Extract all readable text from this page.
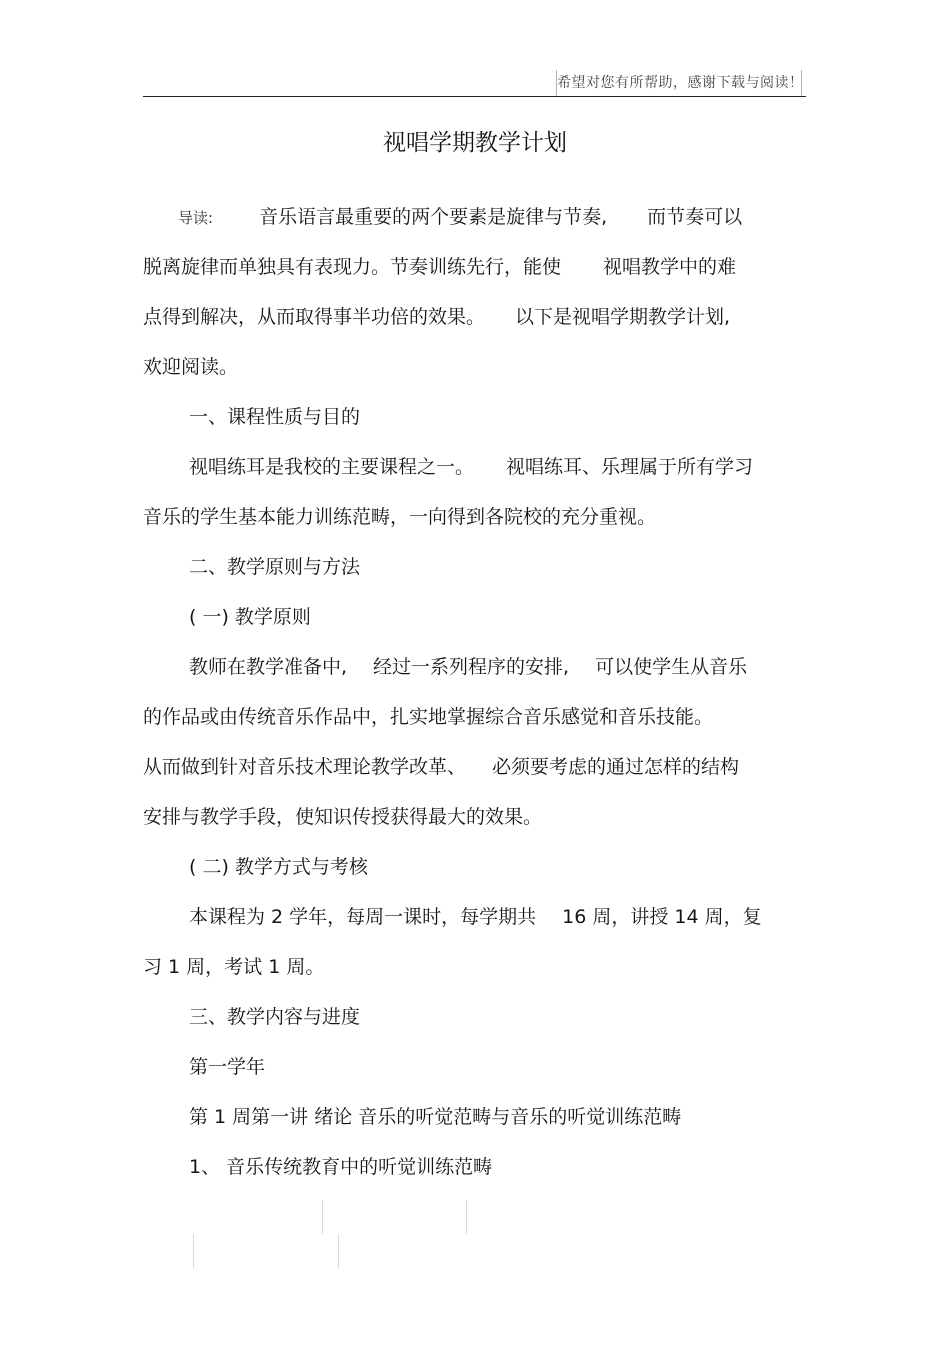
希望对您有所帮助，感谢下载与阅读！
视唱学期教学计划
导读: 音乐语言最重要的两个要素是旋律与节奏, 而节奏可以
脱离旋律而单独具有表现力。节奏训练先行，能使 视唱教学中的难
点得到解决，从而取得事半功倍的效果。 以下是视唱学期教学计划,
欢迎阅读。
一、课程性质与目的
视唱练耳是我校的主要课程之一。 视唱练耳、乐理属于所有学习
音乐的学生基本能力训练范畴，一向得到各院校的充分重视。
二、教学原则与方法
( 一) 教学原则
教师在教学准备中, 经过一系列程序的安排, 可以使学生从音乐
的作品或由传统音乐作品中，扎实地掌握综合音乐感觉和音乐技能。
从而做到针对音乐技术理论教学改革、 必须要考虑的通过怎样的结构
安排与教学手段，使知识传授获得最大的效果。
( 二) 教学方式与考核
本课程为 2 学年，每周一课时，每学期共 16 周，讲授 14 周，复
习 1 周，考试 1 周。
三、教学内容与进度
第一学年
第 1 周第一讲 绪论 音乐的听觉范畴与音乐的听觉训练范畴
1、 音乐传统教育中的听觉训练范畴
